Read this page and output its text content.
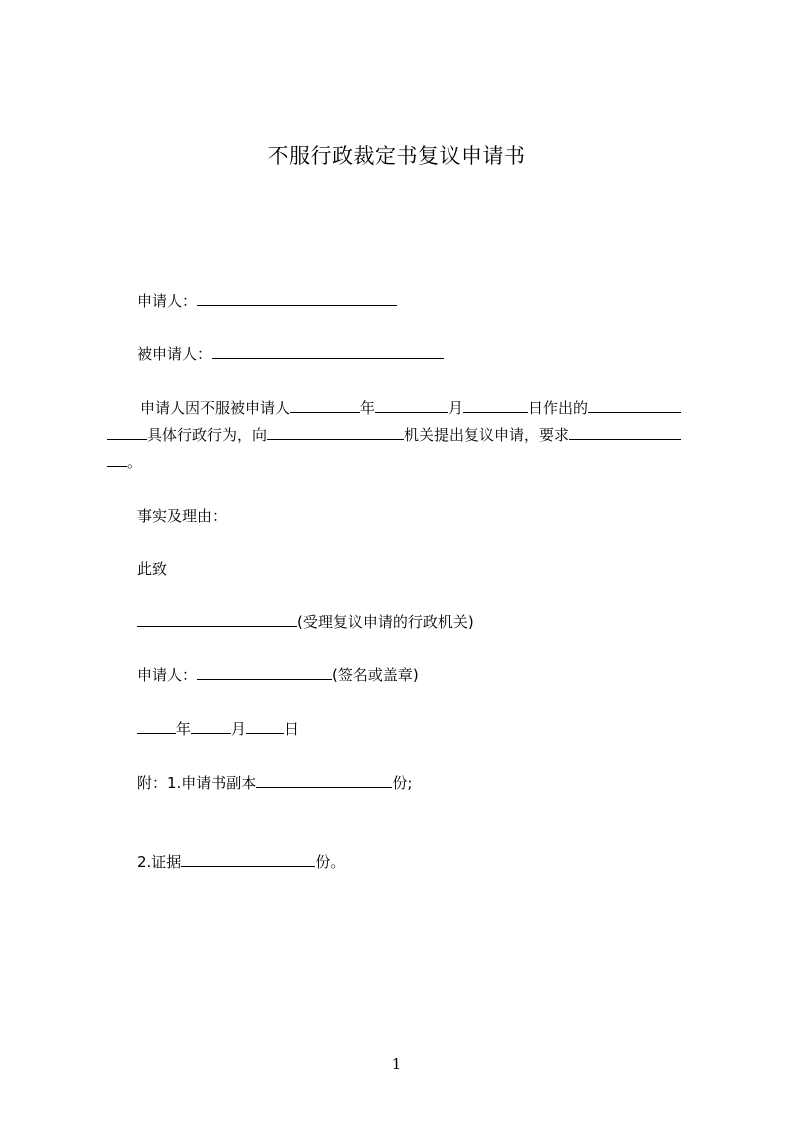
不服行政裁定书复议申请书
申请人：
被申请人：
申请人因不服被申请人	年	月	日作出的
具体行政行为，向	机关提出复议申请，要求
。
事实及理由：
此致
(受理复议申请的行政机关)
申请人：	(签名或盖章)
年	月	日
附：1.申请书副本	份;
2.证据	份。
1
